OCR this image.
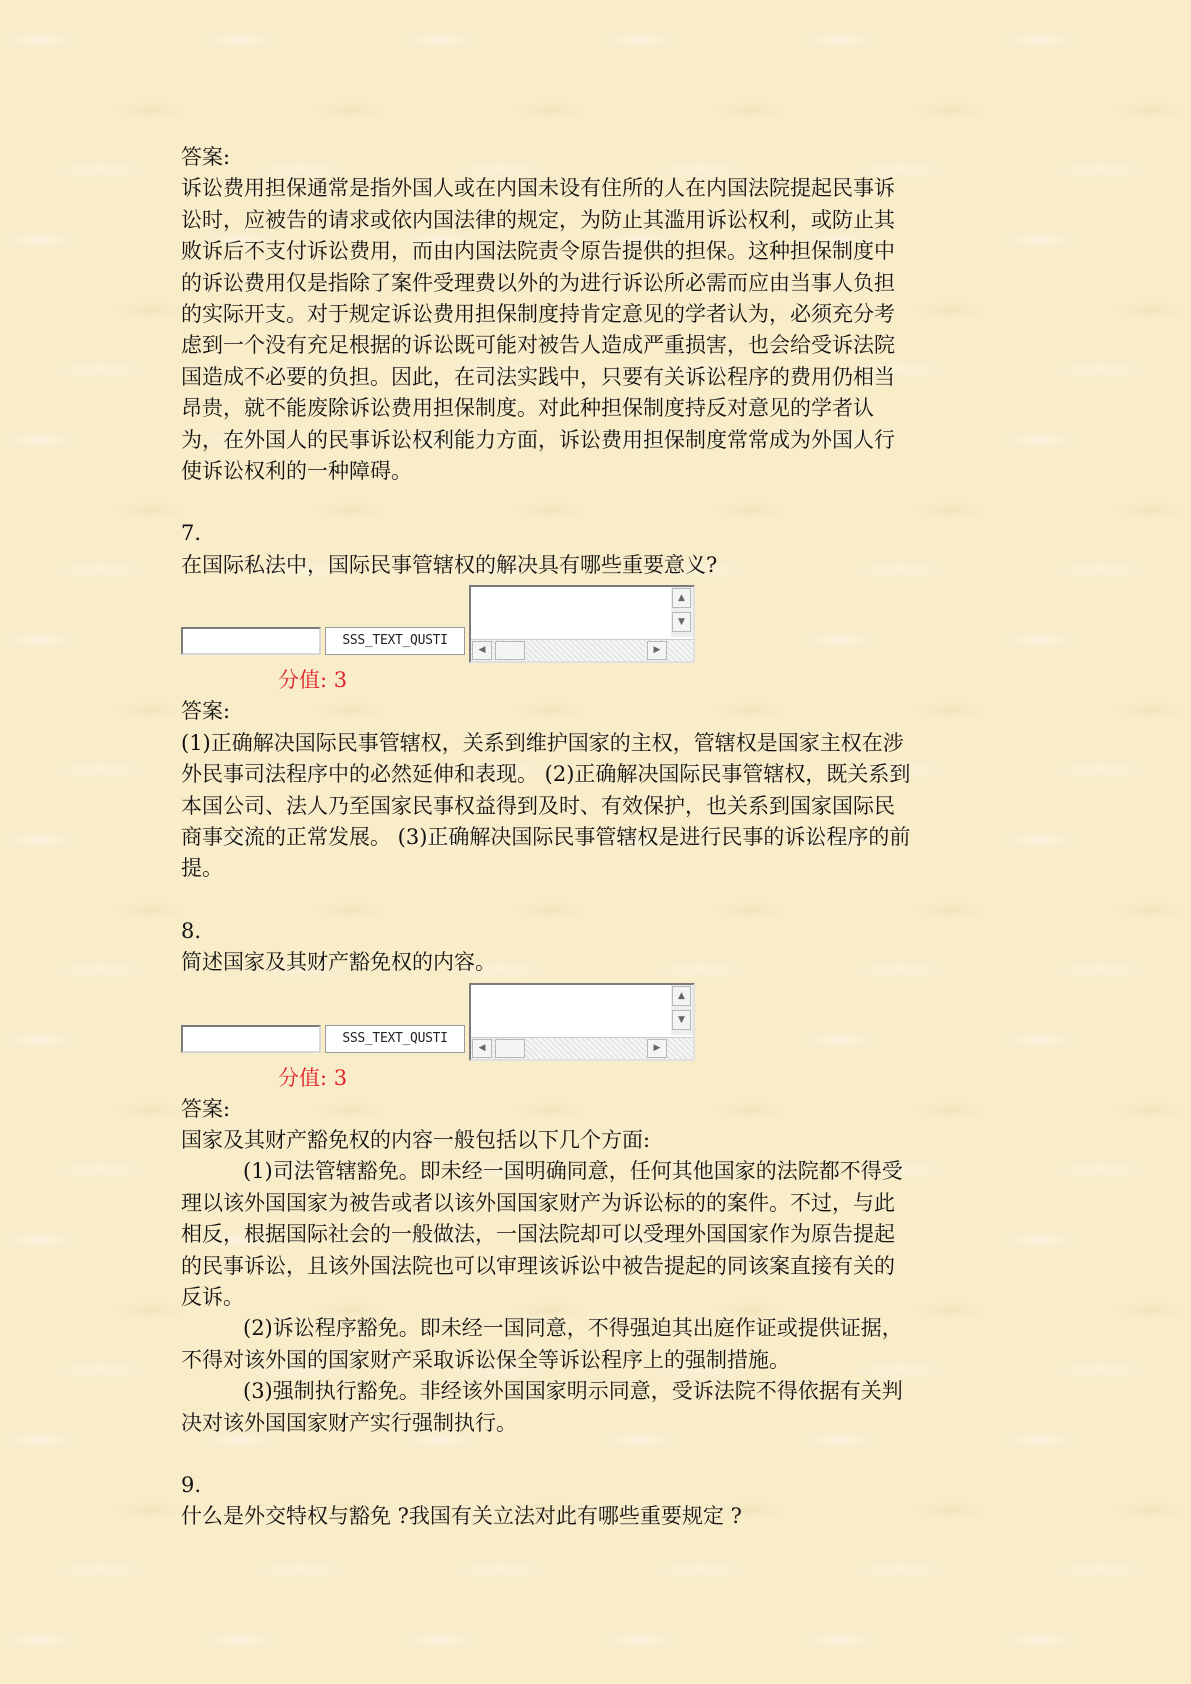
答案:

诉讼费用担保通常是指外国人或在内国未设有住所的人在内国法院提起民事诉

讼时，应被告的请求或依内国法律的规定，为防止其滥用诉讼权利，或防止其

败诉后不支付诉讼费用，而由内国法院责令原告提供的担保。这种担保制度中

的诉讼费用仅是指除了案件受理费以外的为进行诉讼所必需而应由当事人负担

的实际开支。对于规定诉讼费用担保制度持肯定意见的学者认为，必须充分考

虑到一个没有充足根据的诉讼既可能对被告人造成严重损害，也会给受诉法院

国造成不必要的负担。因此，在司法实践中，只要有关诉讼程序的费用仍相当

昂贵，就不能废除诉讼费用担保制度。对此种担保制度持反对意见的学者认

为，在外国人的民事诉讼权利能力方面，诉讼费用担保制度常常成为外国人行

使诉讼权利的一种障碍。

7.

在国际私法中，国际民事管辖权的解决具有哪些重要意义?

SSS_TEXT_QUSTI
▲
▼
◀	▶

分值: 3

答案:

(1)正确解决国际民事管辖权，关系到维护国家的主权，管辖权是国家主权在涉

外民事司法程序中的必然延伸和表现。 (2)正确解决国际民事管辖权，既关系到

本国公司、法人乃至国家民事权益得到及时、有效保护，也关系到国家国际民

商事交流的正常发展。 (3)正确解决国际民事管辖权是进行民事的诉讼程序的前

提。

8.

简述国家及其财产豁免权的内容。

SSS_TEXT_QUSTI
▲
▼
◀	▶

分值: 3

答案:

国家及其财产豁免权的内容一般包括以下几个方面:

(1)司法管辖豁免。即未经一国明确同意，任何其他国家的法院都不得受

理以该外国国家为被告或者以该外国国家财产为诉讼标的的案件。不过，与此

相反，根据国际社会的一般做法，一国法院却可以受理外国国家作为原告提起

的民事诉讼，且该外国法院也可以审理该诉讼中被告提起的同该案直接有关的

反诉。

(2)诉讼程序豁免。即未经一国同意，不得强迫其出庭作证或提供证据，

不得对该外国的国家财产采取诉讼保全等诉讼程序上的强制措施。

(3)强制执行豁免。非经该外国国家明示同意，受诉法院不得依据有关判

决对该外国国家财产实行强制执行。

9.

什么是外交特权与豁免 ?我国有关立法对此有哪些重要规定 ?
